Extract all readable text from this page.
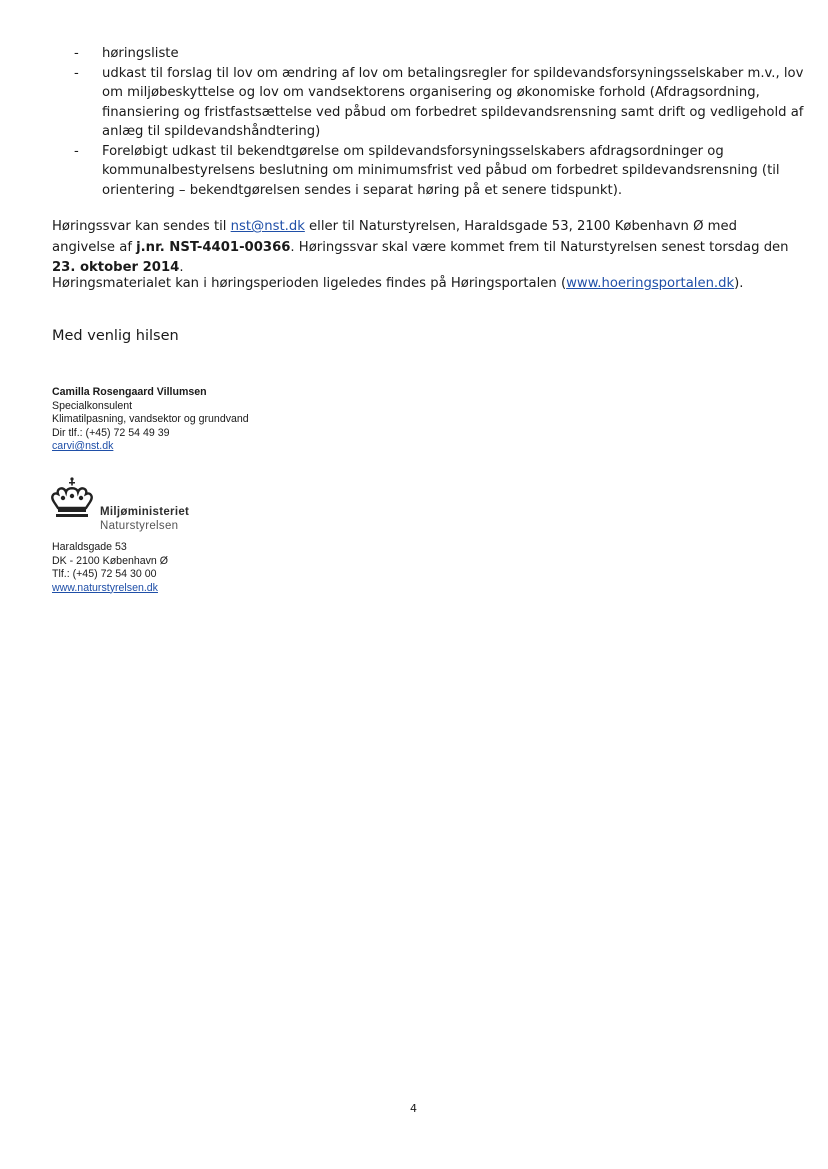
- høringsliste
- udkast til forslag til lov om ændring af lov om betalingsregler for spildevandsforsyningsselskaber m.v., lov om miljøbeskyttelse og lov om vandsektorens organisering og økonomiske forhold (Afdragsordning, finansiering og fristfastsættelse ved påbud om forbedret spildevandsrensning samt drift og vedligehold af anlæg til spildevandshåndtering)
- Foreløbigt udkast til bekendtgørelse om spildevandsforsyningsselskabers afdragsordninger og kommunalbestyrelsens beslutning om minimumsfrist ved påbud om forbedret spildevandsrensning (til orientering – bekendtgørelsen sendes i separat høring på et senere tidspunkt).

Høringssvar kan sendes til nst@nst.dk eller til Naturstyrelsen, Haraldsgade 53, 2100 København Ø med angivelse af j.nr. NST-4401-00366. Høringssvar skal være kommet frem til Naturstyrelsen senest torsdag den 23. oktober 2014.

Høringsmaterialet kan i høringsperioden ligeledes findes på Høringsportalen (www.hoeringsportalen.dk).

Med venlig hilsen

Camilla Rosengaard Villumsen
Specialkonsulent
Klimatilpasning, vandsektor og grundvand
Dir tlf.: (+45) 72 54 49 39
carvi@nst.dk
Miljøministeriet
Naturstyrelsen
Haraldsgade 53
DK - 2100 København Ø
Tlf.: (+45) 72 54 30 00
www.naturstyrelsen.dk
4
